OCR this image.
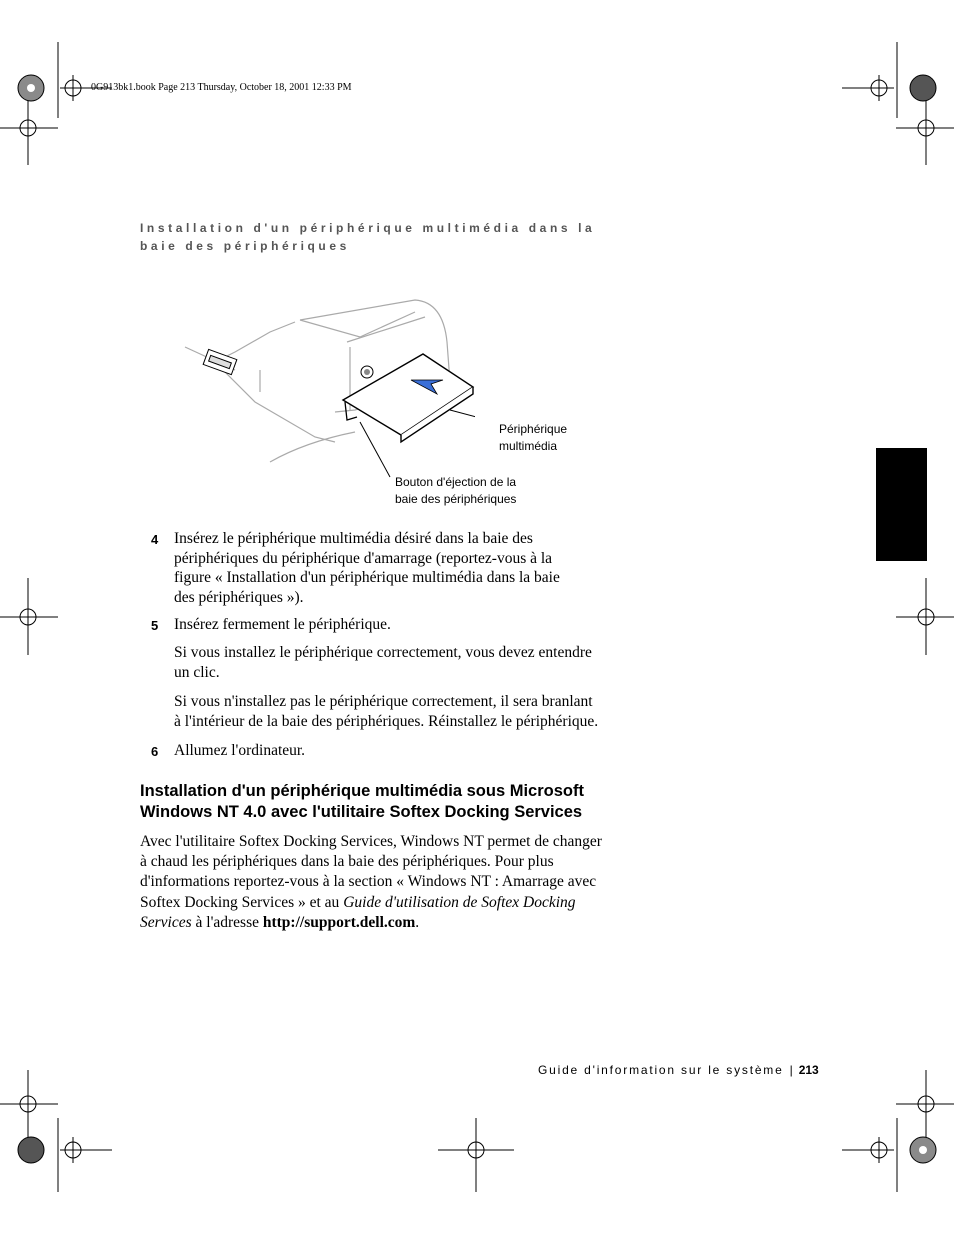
0G913bk1.book Page 213 Thursday, October 18, 2001 12:33 PM
Installation d'un périphérique multimédia dans la baie des périphériques
Périphérique
multimédia
Bouton d'éjection de la
baie des périphériques
4 Insérez le périphérique multimédia désiré dans la baie des
périphériques du périphérique d'amarrage (reportez-vous à la
figure « Installation d'un périphérique multimédia dans la baie
des périphériques »).
5 Insérez fermement le périphérique.
Si vous installez le périphérique correctement, vous devez entendre
un clic.
Si vous n'installez pas le périphérique correctement, il sera branlant
à l'intérieur de la baie des périphériques. Réinstallez le périphérique.
6 Allumez l'ordinateur.
Installation d'un périphérique multimédia sous Microsoft
Windows NT 4.0 avec l'utilitaire Softex Docking Services
Avec l'utilitaire Softex Docking Services, Windows NT permet de changer
à chaud les périphériques dans la baie des périphériques. Pour plus
d'informations reportez-vous à la section « Windows NT : Amarrage avec
Softex Docking Services » et au Guide d'utilisation de Softex Docking
Services à l'adresse http://support.dell.com.
Guide d'information sur le système | 213
